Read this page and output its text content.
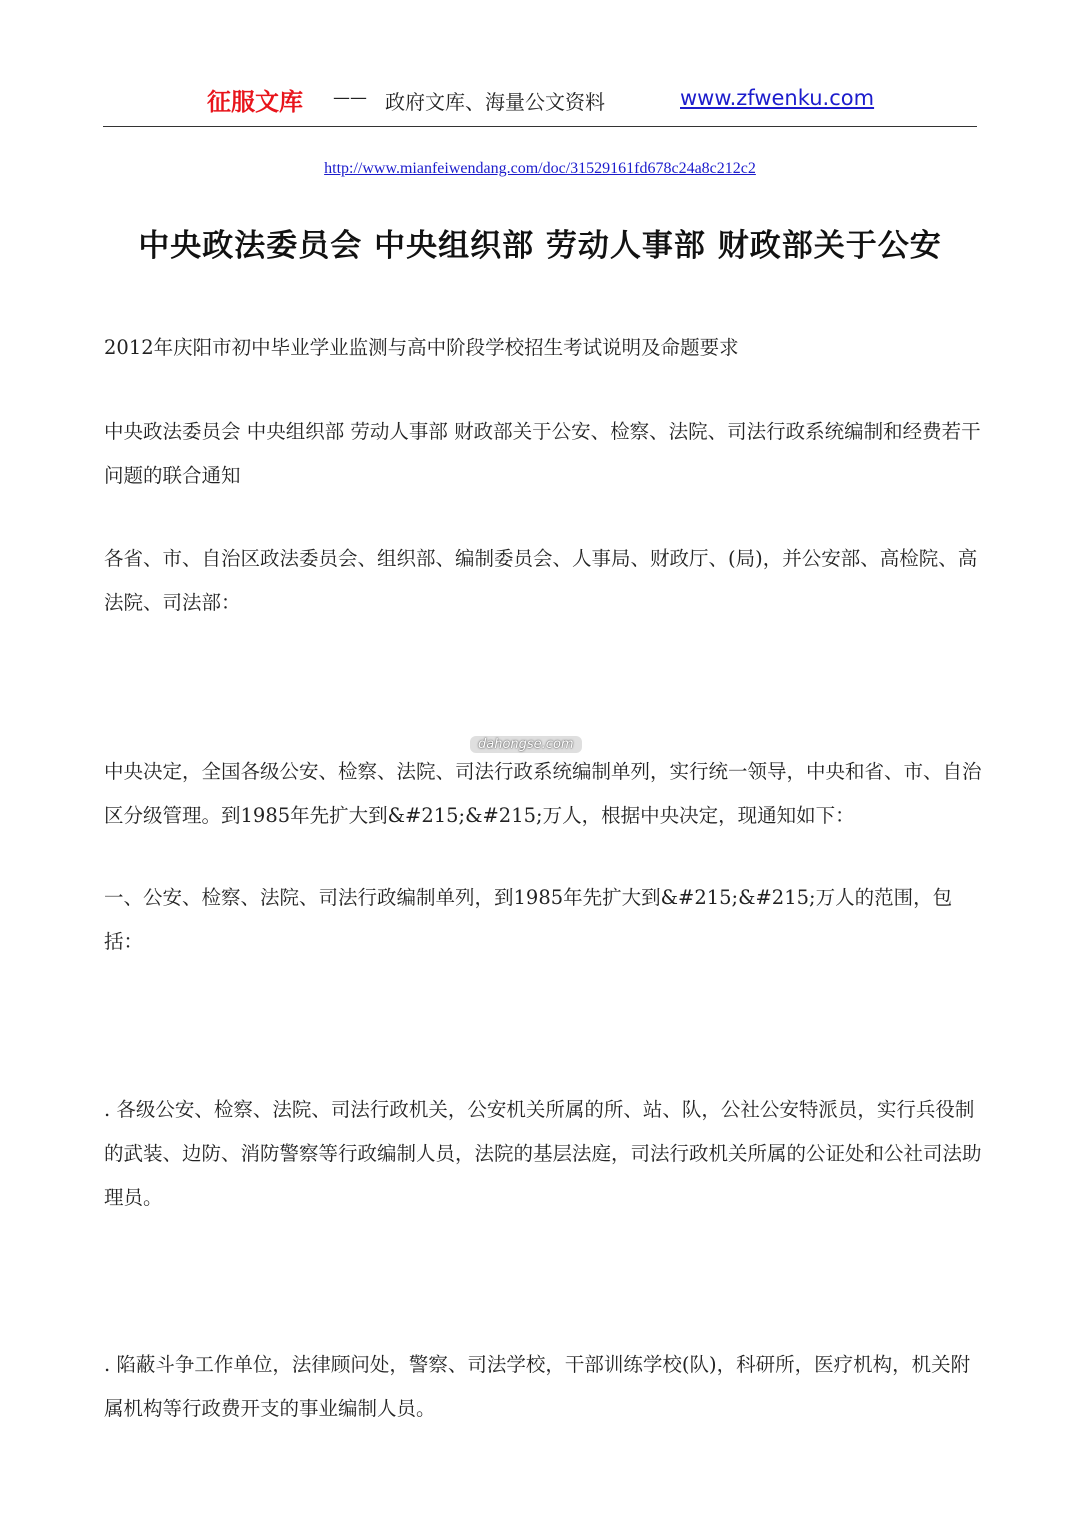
征服文库 —— 政府文库、海量公文资料	www.zfwenku.com
http://www.mianfeiwendang.com/doc/31529161fd678c24a8c212c2
中央政法委员会 中央组织部 劳动人事部 财政部关于公安

2012年庆阳市初中毕业学业监测与高中阶段学校招生考试说明及命题要求

中央政法委员会 中央组织部 劳动人事部 财政部关于公安、检察、法院、司法行政系统编制和经费若干问题的联合通知

各省、市、自治区政法委员会、组织部、编制委员会、人事局、财政厅、(局)，并公安部、高检院、高法院、司法部：

dahongse.com

中央决定，全国各级公安、检察、法院、司法行政系统编制单列，实行统一领导，中央和省、市、自治区分级管理。到1985年先扩大到&#215;&#215;万人，根据中央决定，现通知如下：

一、公安、检察、法院、司法行政编制单列，到1985年先扩大到&#215;&#215;万人的范围，包括：

. 各级公安、检察、法院、司法行政机关，公安机关所属的所、站、队，公社公安特派员，实行兵役制的武装、边防、消防警察等行政编制人员，法院的基层法庭，司法行政机关所属的公证处和公社司法助理员。

. 陷蔽斗争工作单位，法律顾问处，警察、司法学校，干部训练学校(队)，科研所，医疗机构，机关附属机构等行政费开支的事业编制人员。
